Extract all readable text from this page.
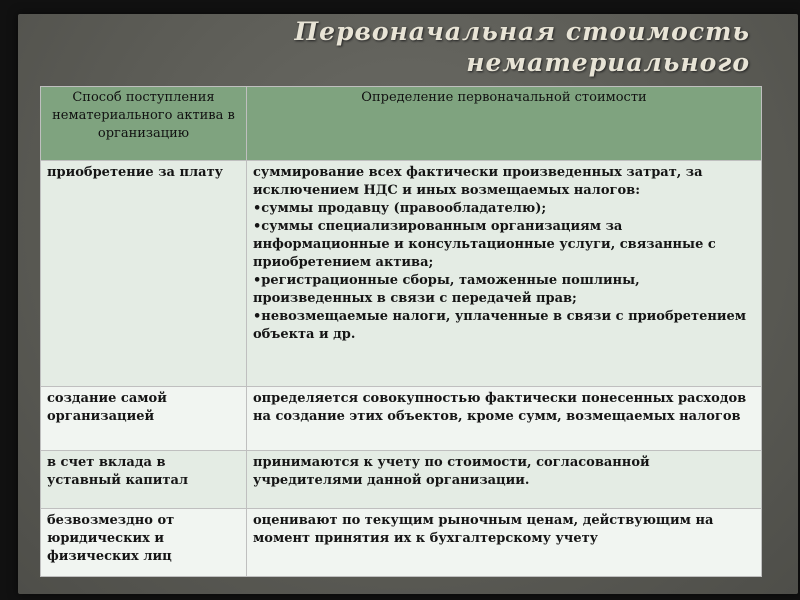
Первоначальная стоимость нематериального

Способ поступления нематериального актива в организацию	Определение первоначальной стоимости
приобретение за плату	суммирование всех фактически произведенных затрат, за исключением НДС и иных возмещаемых налогов:
•суммы продавцу (правообладателю);
•суммы специализированным организациям за информационные и консультационные услуги, связанные с приобретением актива;
•регистрационные сборы, таможенные пошлины, произведенных в связи с передачей прав;
•невозмещаемые налоги, уплаченные в связи с приобретением объекта и др.

создание самой организацией	определяется совокупностью фактически понесенных расходов на создание этих объектов, кроме сумм, возмещаемых налогов
в счет вклада в уставный капитал	принимаются к учету по стоимости, согласованной учредителями данной организации.
безвозмездно от юридических и физических лиц	оценивают по текущим рыночным ценам, действующим на момент принятия их к бухгалтерскому учету
